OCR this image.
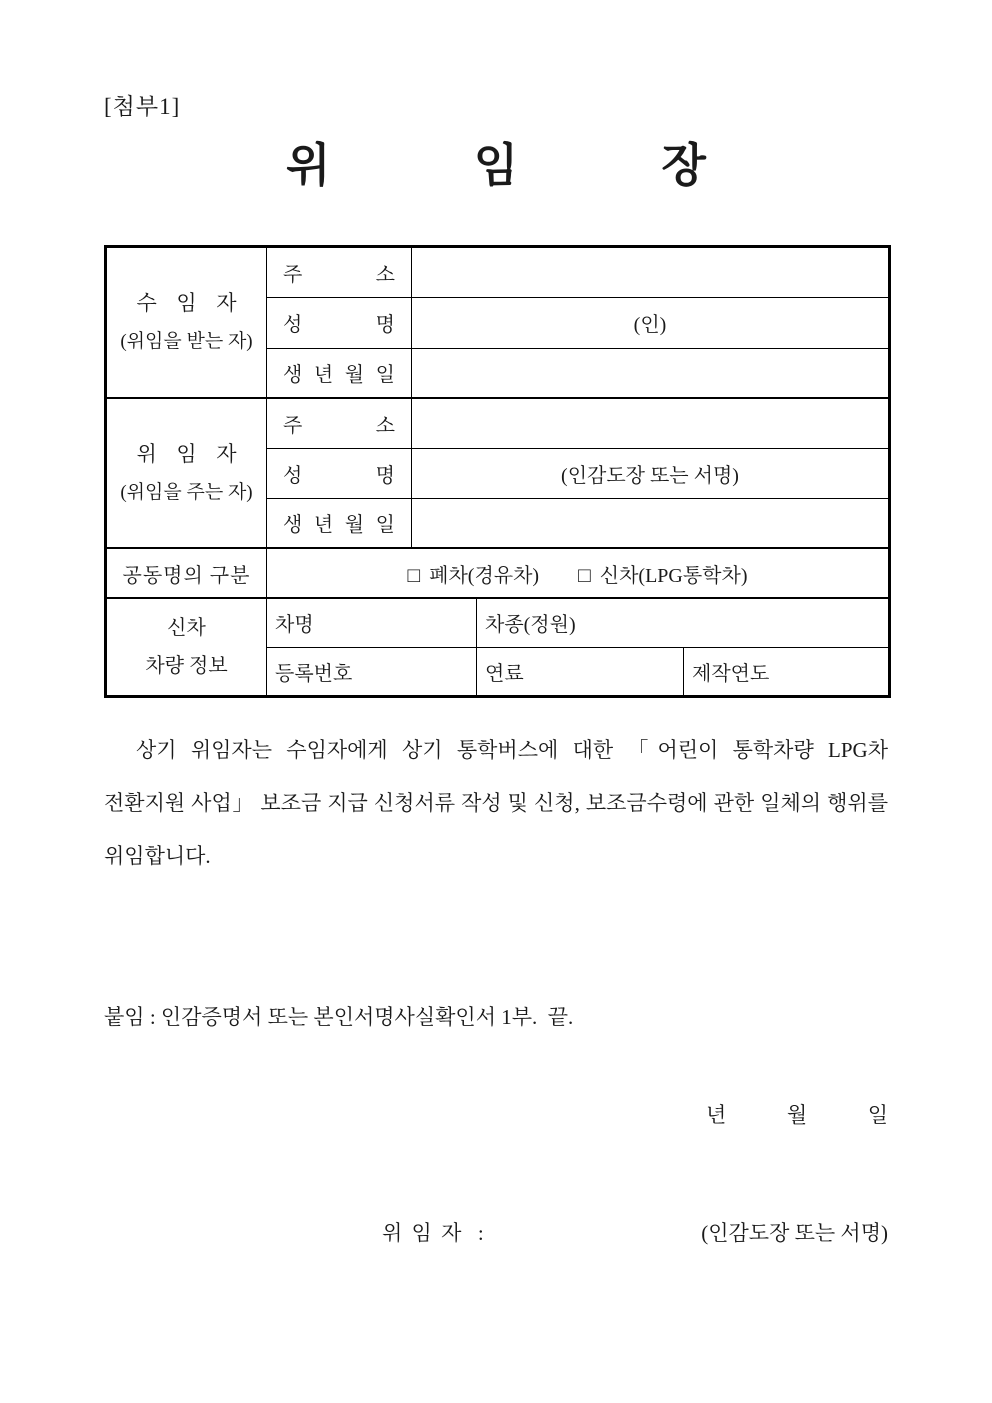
[첨부1]
위 임 장
수 임 자
(위임을 받는 자)	주 소			
	성 명	(인)		
	생 년 월 일			
위 임 자
(위임을 주는 자)	주 소			
	성 명	(인감도장 또는 서명)		
	생 년 월 일			
공동명의 구분	□ 폐차(경유차) □ 신차(LPG통학차)			
신차
차량 정보	차명		차종(정원)	
	등록번호		연료	제작연도

상기 위임자는 수임자에게 상기 통학버스에 대한 「어린이 통학차량 LPG차 전환지원 사업」 보조금 지급 신청서류 작성 및 신청, 보조금수령에 관한 일체의 행위를 위임합니다.

붙임 : 인감증명서 또는 본인서명사실확인서 1부.  끝.

년 월 일
위 임 자  :	(인감도장 또는 서명)
